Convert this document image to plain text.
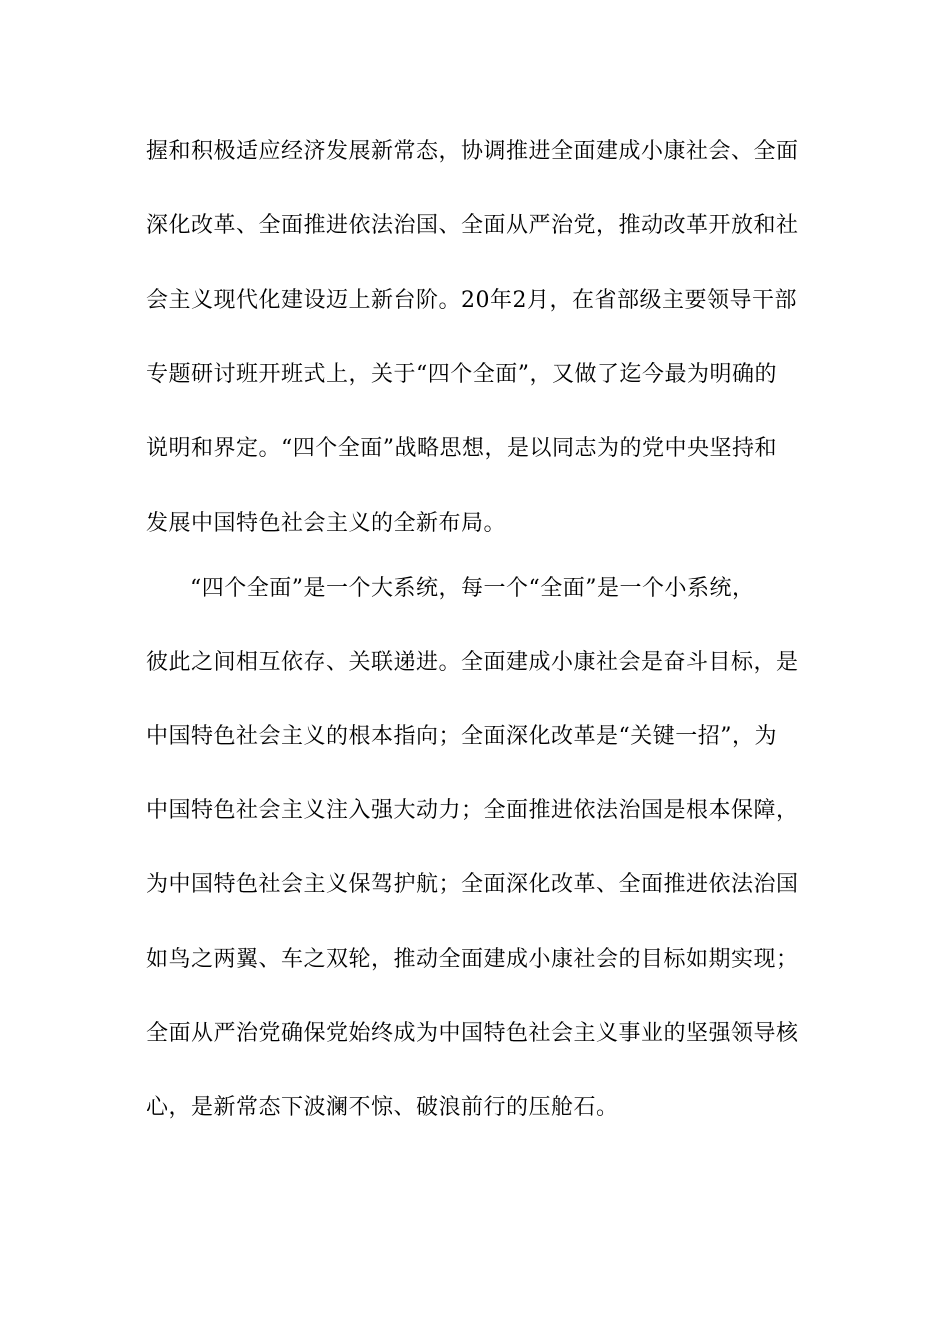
握和积极适应经济发展新常态，协调推进全面建成小康社会、全面
深化改革、全面推进依法治国、全面从严治党，推动改革开放和社
会主义现代化建设迈上新台阶。20年2月，在省部级主要领导干部
专题研讨班开班式上，关于“四个全面”，又做了迄今最为明确的
说明和界定。“四个全面”战略思想，是以同志为的党中央坚持和
发展中国特色社会主义的全新布局。
“四个全面”是一个大系统，每一个“全面”是一个小系统，
彼此之间相互依存、关联递进。全面建成小康社会是奋斗目标，是
中国特色社会主义的根本指向；全面深化改革是“关键一招”，为
中国特色社会主义注入强大动力；全面推进依法治国是根本保障，
为中国特色社会主义保驾护航；全面深化改革、全面推进依法治国
如鸟之两翼、车之双轮，推动全面建成小康社会的目标如期实现；
全面从严治党确保党始终成为中国特色社会主义事业的坚强领导核
心，是新常态下波澜不惊、破浪前行的压舱石。
